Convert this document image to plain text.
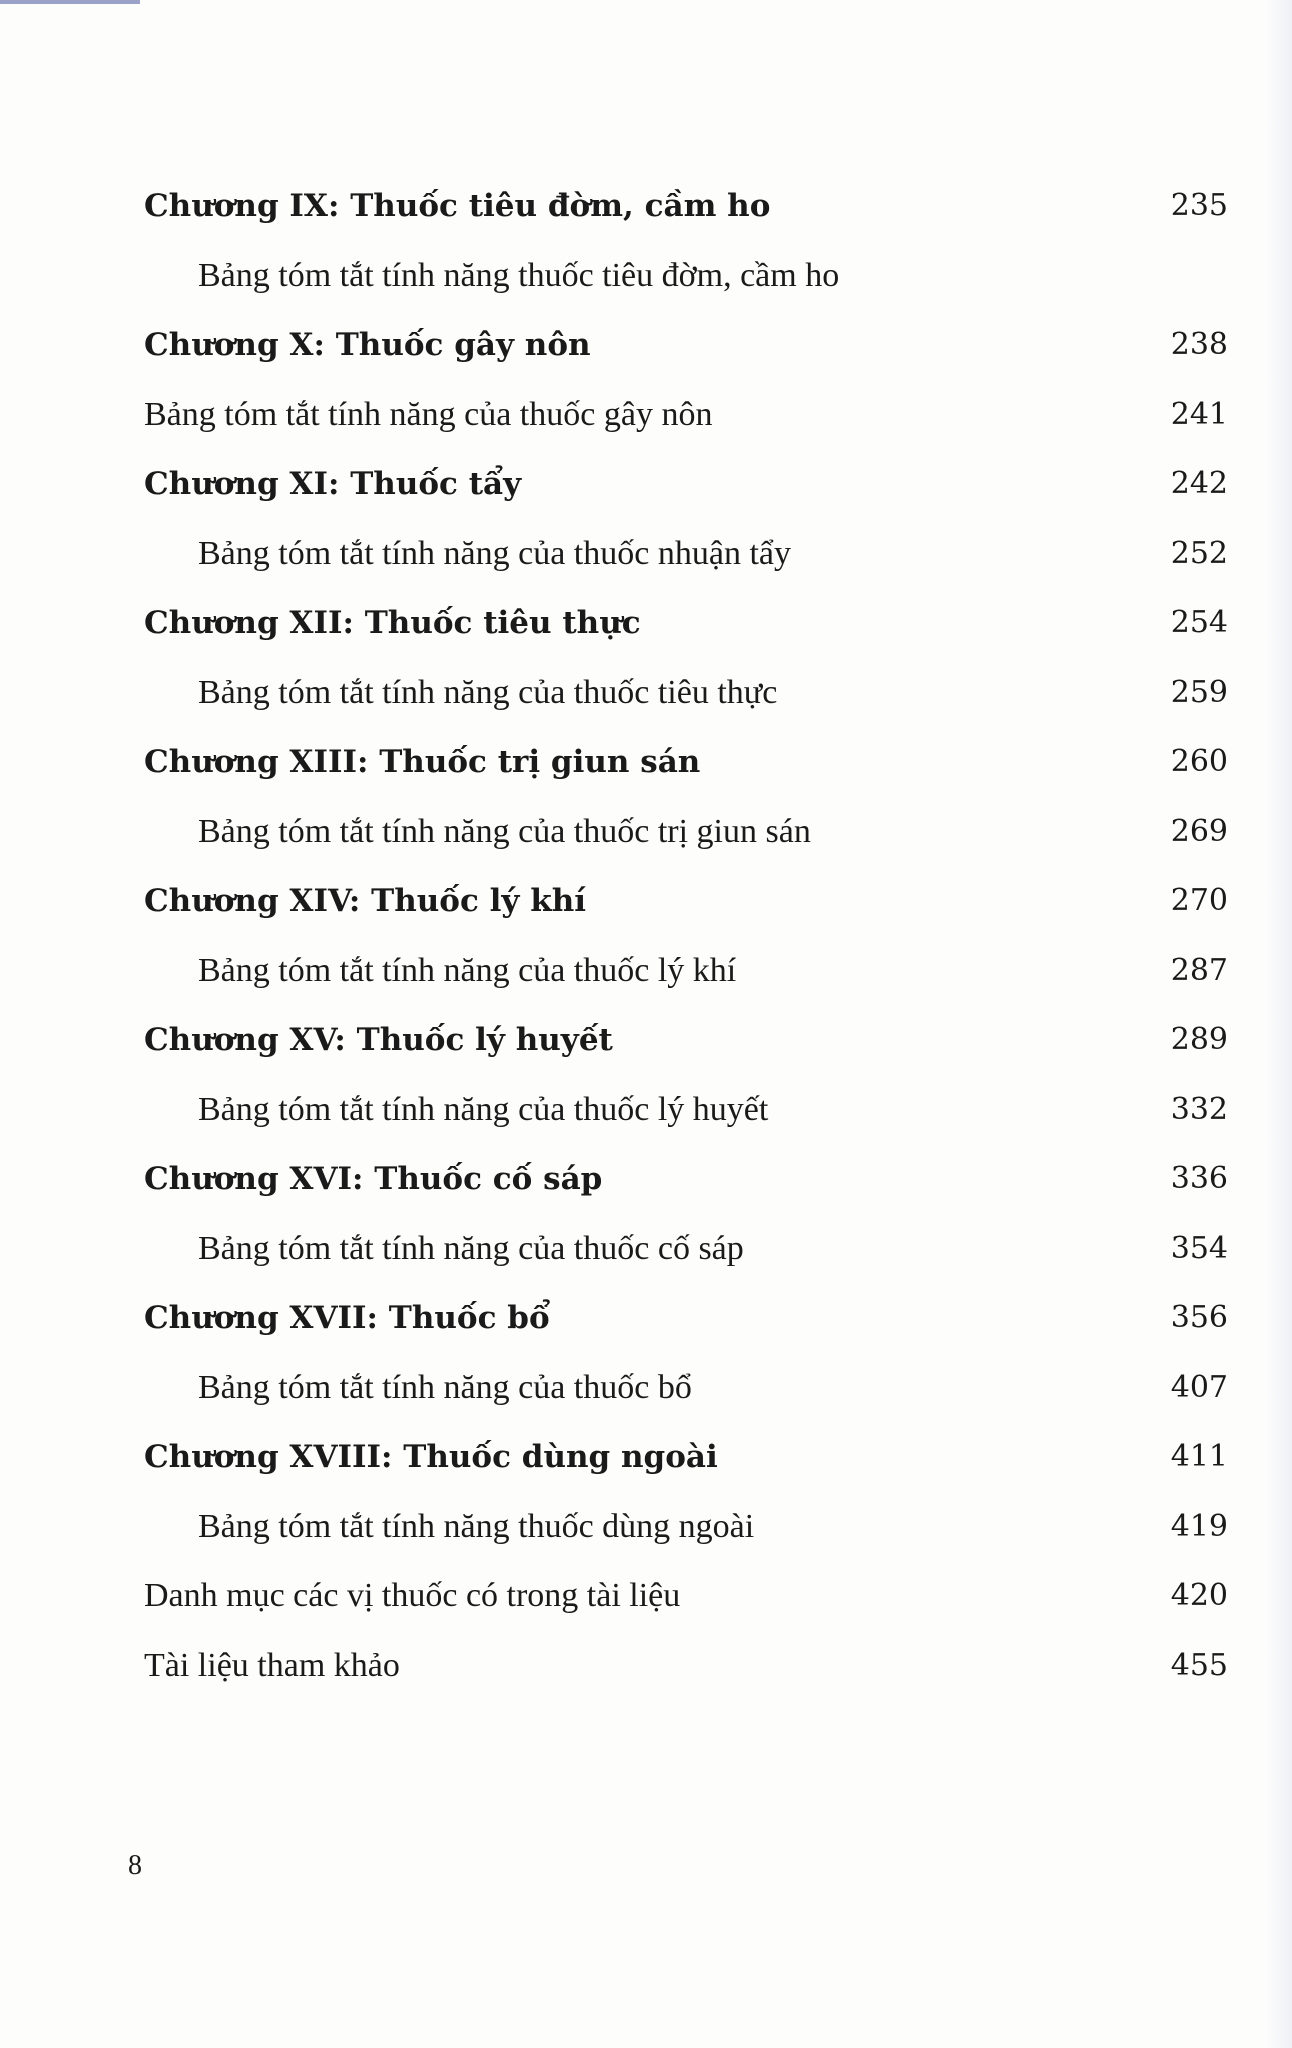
Chương IX: Thuốc tiêu đờm, cầm ho	235
Bảng tóm tắt tính năng thuốc tiêu đờm, cầm ho
Chương X: Thuốc gây nôn	238
Bảng tóm tắt tính năng của thuốc gây nôn	241
Chương XI: Thuốc tẩy	242
Bảng tóm tắt tính năng của thuốc nhuận tẩy	252
Chương XII: Thuốc tiêu thực	254
Bảng tóm tắt tính năng của thuốc tiêu thực	259
Chương XIII: Thuốc trị giun sán	260
Bảng tóm tắt tính năng của thuốc trị giun sán	269
Chương XIV: Thuốc lý khí	270
Bảng tóm tắt tính năng của thuốc lý khí	287
Chương XV: Thuốc lý huyết	289
Bảng tóm tắt tính năng của thuốc lý huyết	332
Chương XVI: Thuốc cố sáp	336
Bảng tóm tắt tính năng của thuốc cố sáp	354
Chương XVII: Thuốc bổ	356
Bảng tóm tắt tính năng của thuốc bổ	407
Chương XVIII: Thuốc dùng ngoài	411
Bảng tóm tắt tính năng thuốc dùng ngoài	419
Danh mục các vị thuốc có trong tài liệu	420
Tài liệu tham khảo	455
8
